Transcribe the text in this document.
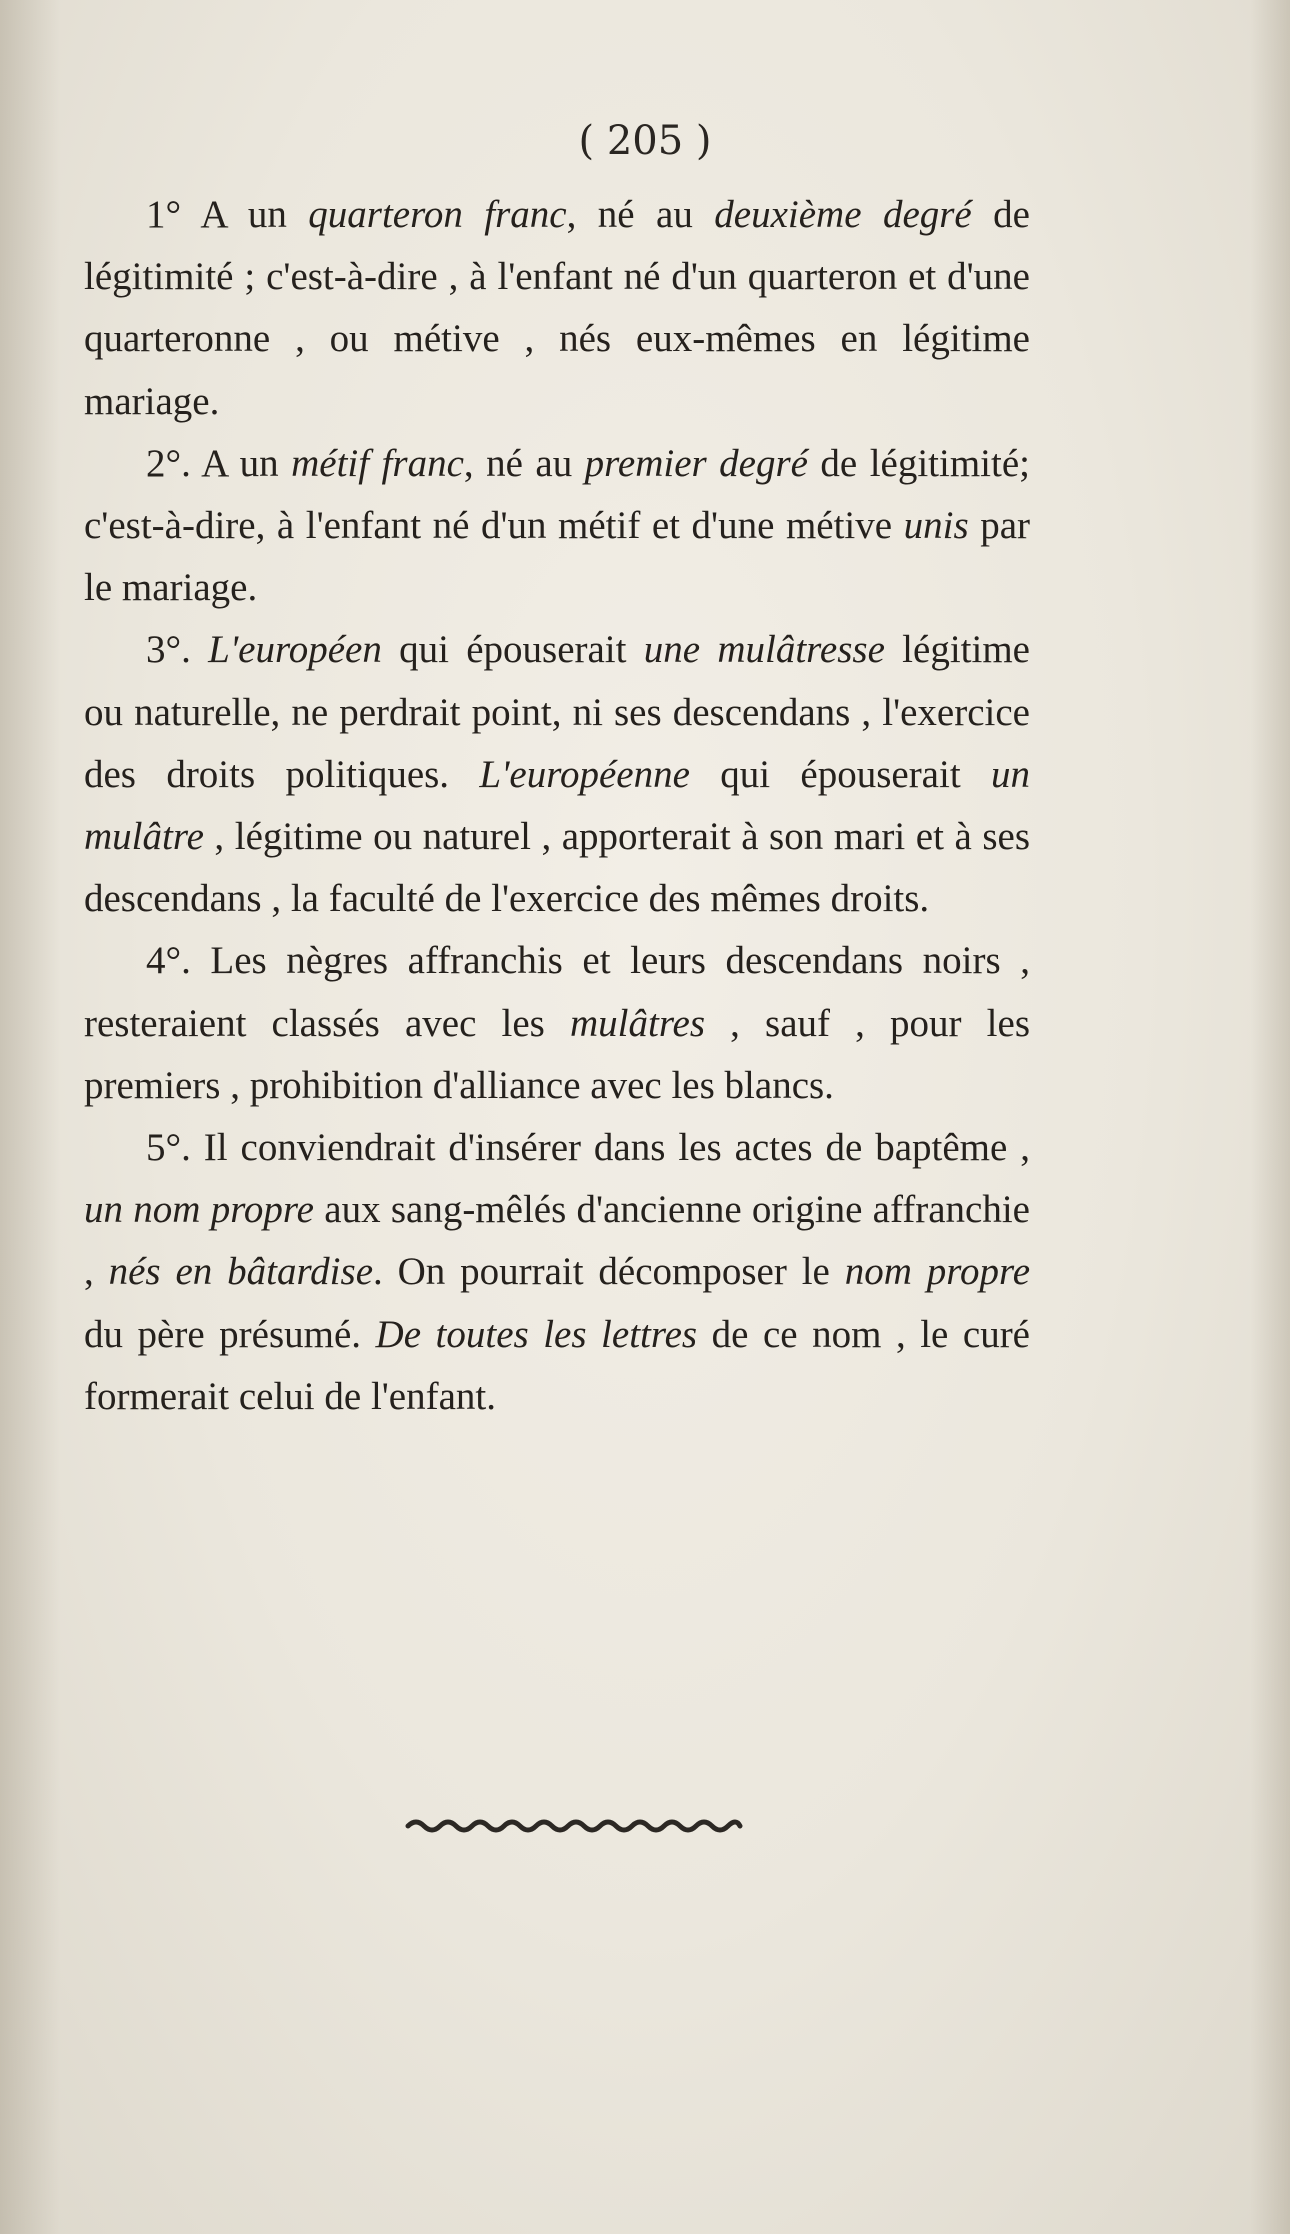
( 205 )

1° A un quarteron franc, né au deuxième degré de légitimité ; c'est-à-dire , à l'enfant né d'un quarteron et d'une quarteronne , ou métive , nés eux-mêmes en légitime mariage.

2°. A un métif franc, né au premier degré de légitimité; c'est-à-dire, à l'enfant né d'un métif et d'une métive unis par le mariage.

3°. L'européen qui épouserait une mulâtresse légitime ou naturelle, ne perdrait point, ni ses descendans , l'exercice des droits politiques. L'européenne qui épouserait un mulâtre , légitime ou naturel , apporterait à son mari et à ses descendans , la faculté de l'exercice des mêmes droits.

4°. Les nègres affranchis et leurs descendans noirs , resteraient classés avec les mulâtres , sauf , pour les premiers , prohibition d'alliance avec les blancs.

5°. Il conviendrait d'insérer dans les actes de baptême , un nom propre aux sang-mêlés d'ancienne origine affranchie , nés en bâtardise. On pourrait décomposer le nom propre du père présumé. De toutes les lettres de ce nom , le curé formerait celui de l'enfant.
